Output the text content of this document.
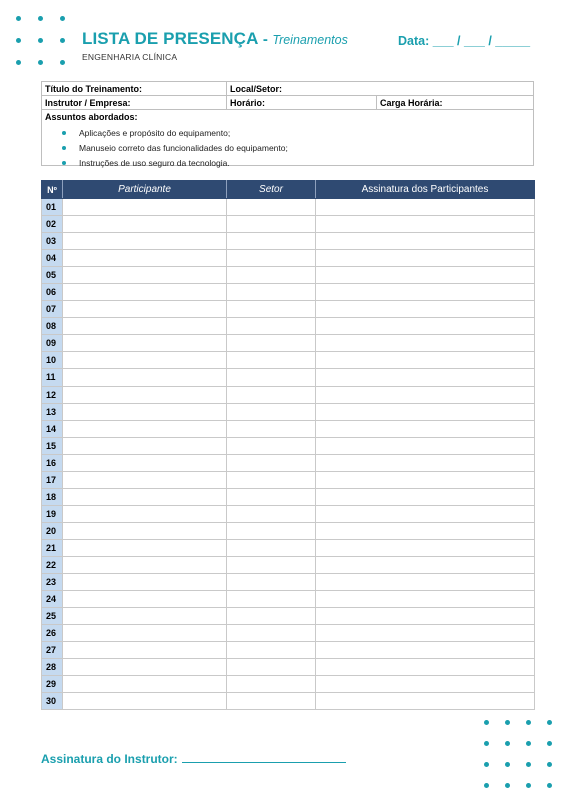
LISTA DE PRESENÇA - Treinamentos
ENGENHARIA CLÍNICA
Data: ___ / ___ / _____
Título do Treinamento:	Local/Setor:
Instrutor / Empresa:	Horário:	Carga Horária:
Assuntos abordados:
Aplicações e propósito do equipamento;
Manuseio correto das funcionalidades do equipamento;
Instruções de uso seguro da tecnologia.
Nº	Participante	Setor	Assinatura dos Participantes
01			
02			
03			
04			
05			
06			
07			
08			
09			
10			
11			
12			
13			
14			
15			
16			
17			
18			
19			
20			
21			
22			
23			
24			
25			
26			
27			
28			
29			
30			
Assinatura do Instrutor:
